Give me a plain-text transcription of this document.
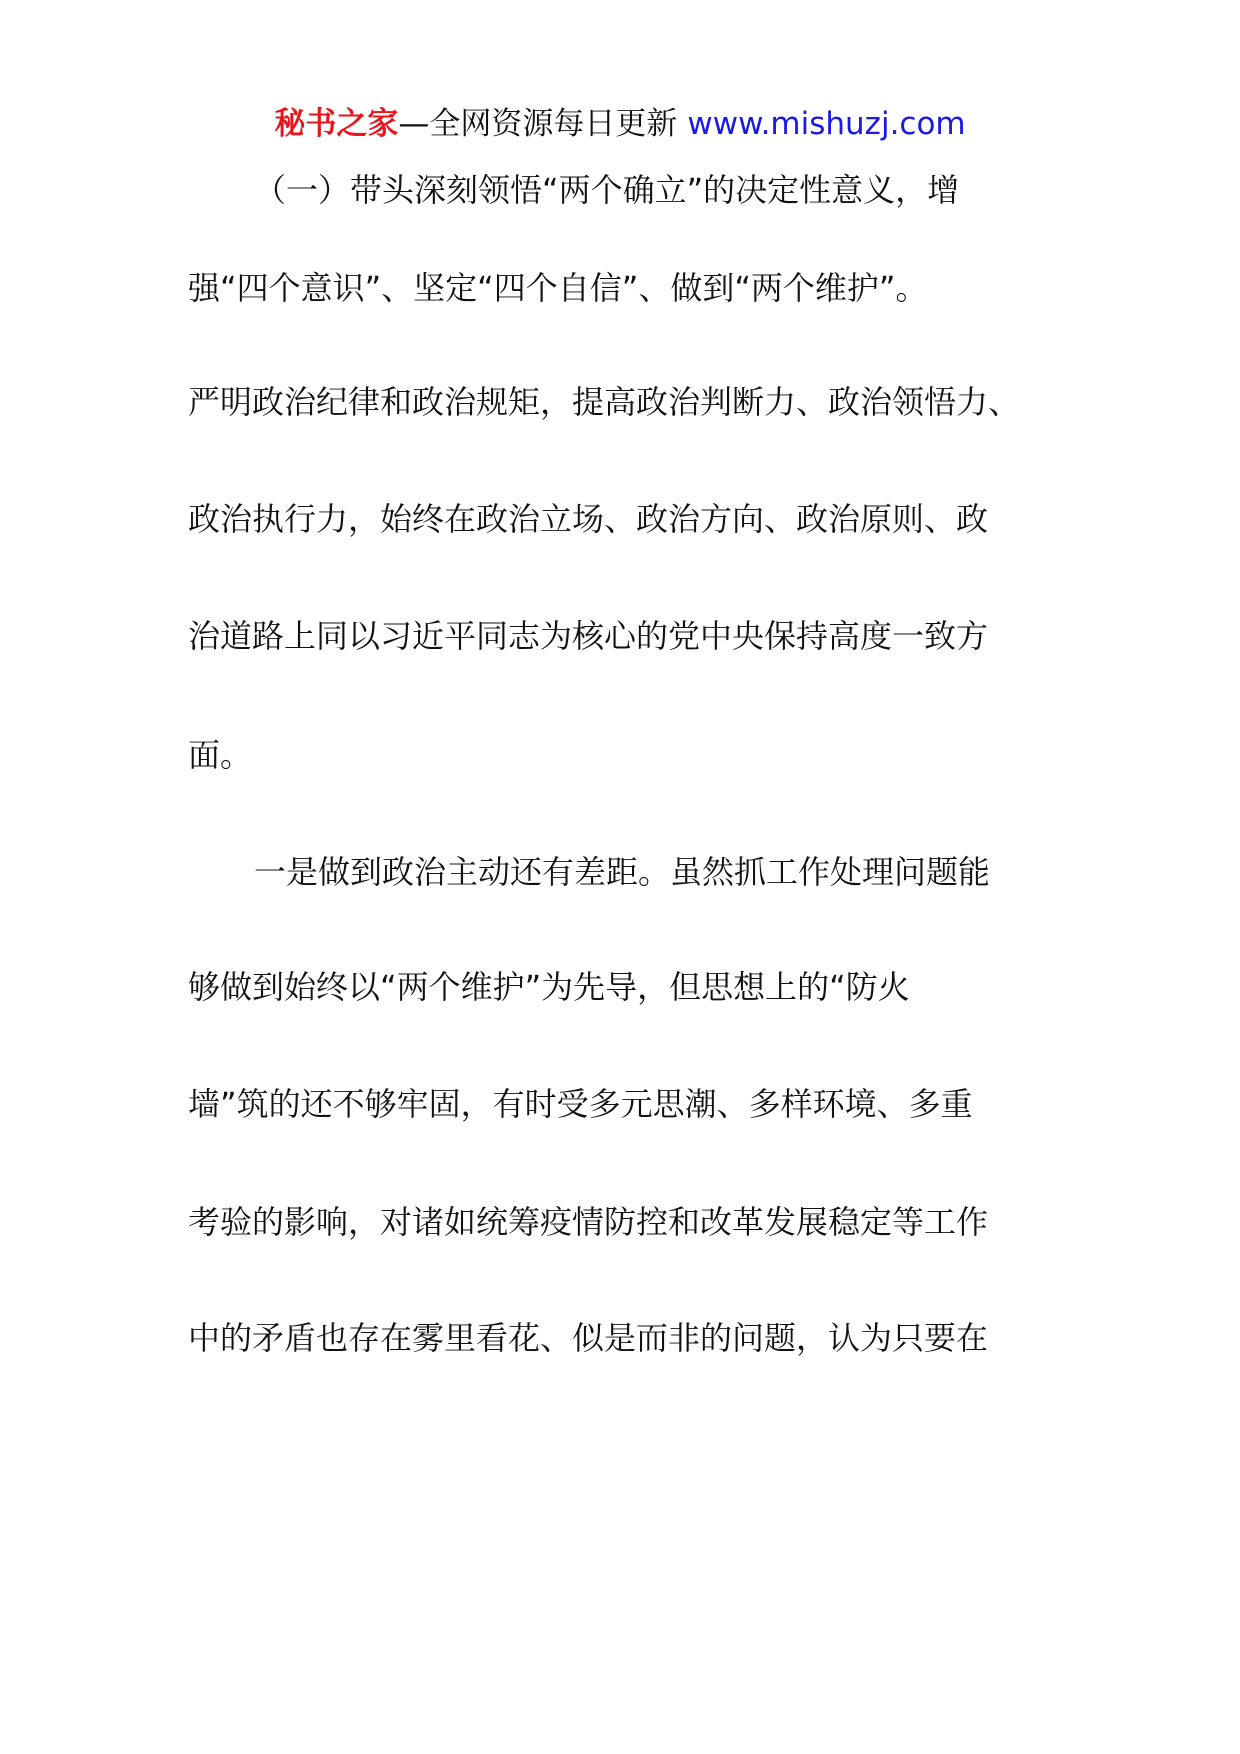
秘书之家—全网资源每日更新 www.mishuzj.com
（一）带头深刻领悟“两个确立”的决定性意义，增
强“四个意识”、坚定“四个自信”、做到“两个维护”。
严明政治纪律和政治规矩，提高政治判断力、政治领悟力、
政治执行力，始终在政治立场、政治方向、政治原则、政
治道路上同以习近平同志为核心的党中央保持高度一致方
面。
一是做到政治主动还有差距。虽然抓工作处理问题能
够做到始终以“两个维护”为先导，但思想上的“防火
墙”筑的还不够牢固，有时受多元思潮、多样环境、多重
考验的影响，对诸如统筹疫情防控和改革发展稳定等工作
中的矛盾也存在雾里看花、似是而非的问题，认为只要在
